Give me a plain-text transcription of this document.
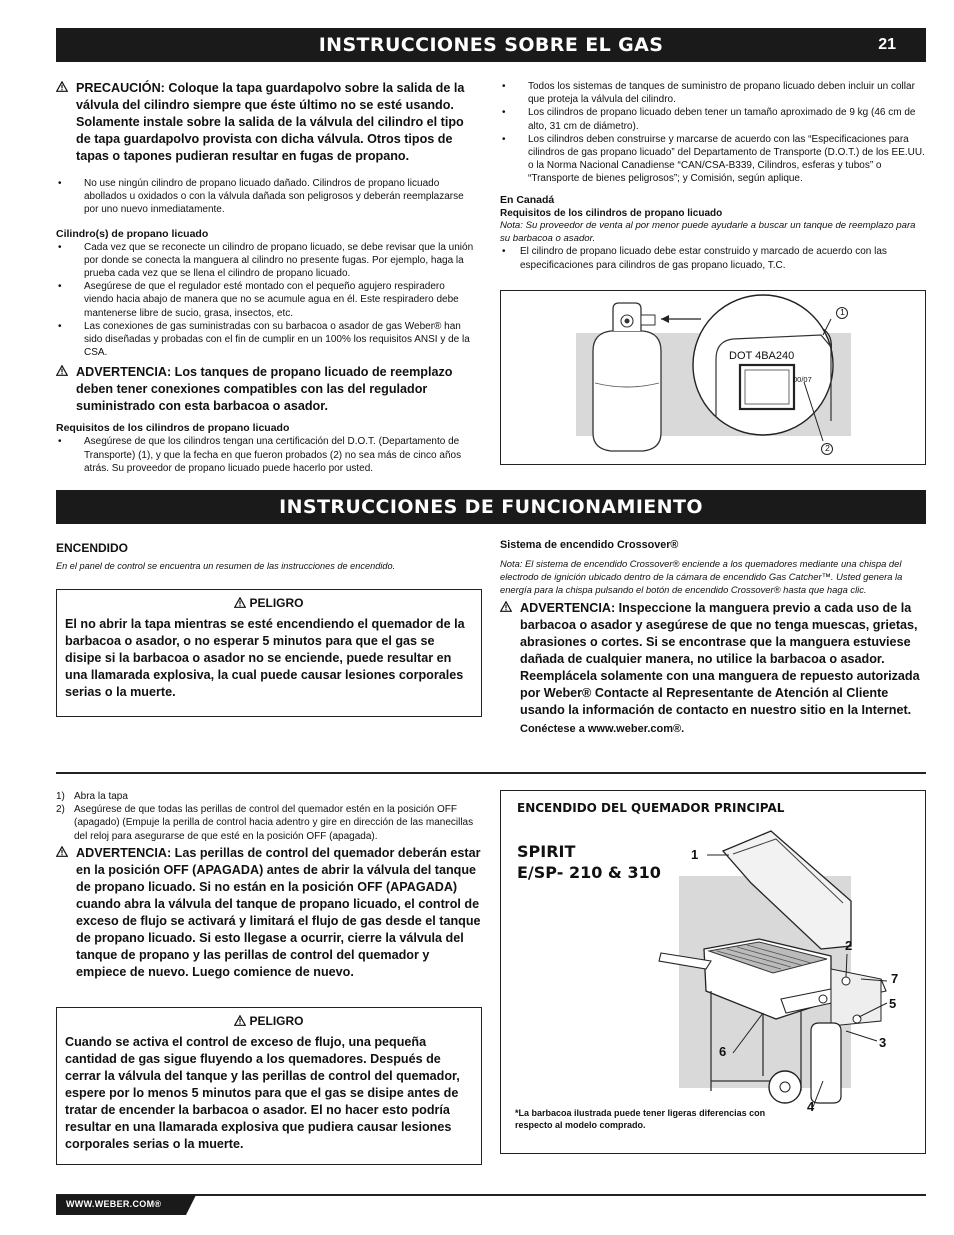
INSTRUCCIONES SOBRE EL GAS	21
PRECAUCIÓN: Coloque la tapa guardapolvo sobre la salida de la válvula del cilindro siempre que éste último no se esté usando. Solamente instale sobre la salida de la válvula del cilindro el tipo de tapa guardapolvo provista con dicha válvula. Otros tipos de tapas o tapones pudieran resultar en fugas de propano.
• No use ningún cilindro de propano licuado dañado. Cilindros de propano licuado abollados u oxidados o con la válvula dañada son peligrosos y deberán reemplazarse por uno nuevo inmediatamente.
Cilindro(s) de propano licuado
• Cada vez que se reconecte un cilindro de propano licuado, se debe revisar que la unión por donde se conecta la manguera al cilindro no presente fugas. Por ejemplo, haga la prueba cada vez que se llena el cilindro de propano licuado.
• Asegúrese de que el regulador esté montado con el pequeño agujero respiradero viendo hacia abajo de manera que no se acumule agua en él. Este respiradero debe mantenerse libre de sucio, grasa, insectos, etc.
• Las conexiones de gas suministradas con su barbacoa o asador de gas Weber® han sido diseñadas y probadas con el fin de cumplir en un 100% los requisitos ANSI y de la CSA.
ADVERTENCIA: Los tanques de propano licuado de reemplazo deben tener conexiones compatibles con las del regulador suministrado con esta barbacoa o asador.
Requisitos de los cilindros de propano licuado
• Asegúrese de que los cilindros tengan una certificación del D.O.T. (Departamento de Transporte) (1), y que la fecha en que fueron probados (2) no sea más de cinco años atrás. Su proveedor de propano licuado puede hacerlo por usted.
• Todos los sistemas de tanques de suministro de propano licuado deben incluir un collar que proteja la válvula del cilindro.
• Los cilindros de propano licuado deben tener un tamaño aproximado de 9 kg (46 cm de alto, 31 cm de diámetro).
• Los cilindros deben construirse y marcarse de acuerdo con las “Especificaciones para cilindros de gas propano licuado” del Departamento de Transporte (D.O.T.) de los EE.UU. o la Norma Nacional Canadiense “CAN/CSA-B339, Cilindros, esferas y tubos” o “Transporte de bienes peligrosos”; y Comisión, según aplique.
En Canadá
Requisitos de los cilindros de propano licuado
Nota: Su proveedor de venta al por menor puede ayudarle a buscar un tanque de reemplazo para su barbacoa o asador.
• El cilindro de propano licuado debe estar construido y marcado de acuerdo con las especificaciones para cilindros de gas propano licuado, T.C.
DOT 4BA240
00/07
1
2
INSTRUCCIONES DE FUNCIONAMIENTO
ENCENDIDO
En el panel de control se encuentra un resumen de las instrucciones de encendido.
PELIGRO
El no abrir la tapa mientras se esté encendiendo el quemador de la barbacoa o asador, o no esperar 5 minutos para que el gas se disipe si la barbacoa o asador no se enciende, puede resultar en una llamarada explosiva, la cual puede causar lesiones corporales serias o la muerte.
Sistema de encendido Crossover®
Nota: El sistema de encendido Crossover® enciende a los quemadores mediante una chispa del electrodo de ignición ubicado dentro de la cámara de encendido Gas Catcher™. Usted genera la energía para la chispa pulsando el botón de encendido Crossover® hasta que haga clic.
ADVERTENCIA: Inspeccione la manguera previo a cada uso de la barbacoa o asador y asegúrese de que no tenga muescas, grietas, abrasiones o cortes. Si se encontrase que la manguera estuviese dañada de cualquier manera, no utilice la barbacoa o asador. Reemplácela solamente con una manguera de repuesto autorizada por Weber® Contacte al Representante de Atención al Cliente usando la información de contacto en nuestro sitio en la Internet.
Conéctese a www.weber.com®.
1) Abra la tapa
2) Asegúrese de que todas las perillas de control del quemador estén en la posición OFF (apagado) (Empuje la perilla de control hacia adentro y gire en dirección de las manecillas del reloj para asegurarse de que esté en la posición OFF (apagada).
ADVERTENCIA: Las perillas de control del quemador deberán estar en la posición OFF (APAGADA) antes de abrir la válvula del tanque de propano licuado. Si no están en la posición OFF (APAGADA) cuando abra la válvula del tanque de propano licuado, el control de exceso de flujo se activará y limitará el flujo de gas desde el tanque de propano licuado. Si esto llegase a ocurrir, cierre la válvula del tanque de propano y las perillas de control del quemador y empiece de nuevo. Luego comience de nuevo.
PELIGRO
Cuando se activa el control de exceso de flujo, una pequeña cantidad de gas sigue fluyendo a los quemadores. Después de cerrar la válvula del tanque y las perillas de control del quemador, espere por lo menos 5 minutos para que el gas se disipe antes de tratar de encender la barbacoa o asador. El no hacer esto podría resultar en una llamarada explosiva que pudiera causar lesiones corporales serias o la muerte.
ENCENDIDO DEL QUEMADOR PRINCIPAL
SPIRIT
E/SP- 210 & 310
1
2
7
5
3
6
4
*La barbacoa ilustrada puede tener ligeras diferencias con respecto al modelo comprado.
WWW.WEBER.COM®
